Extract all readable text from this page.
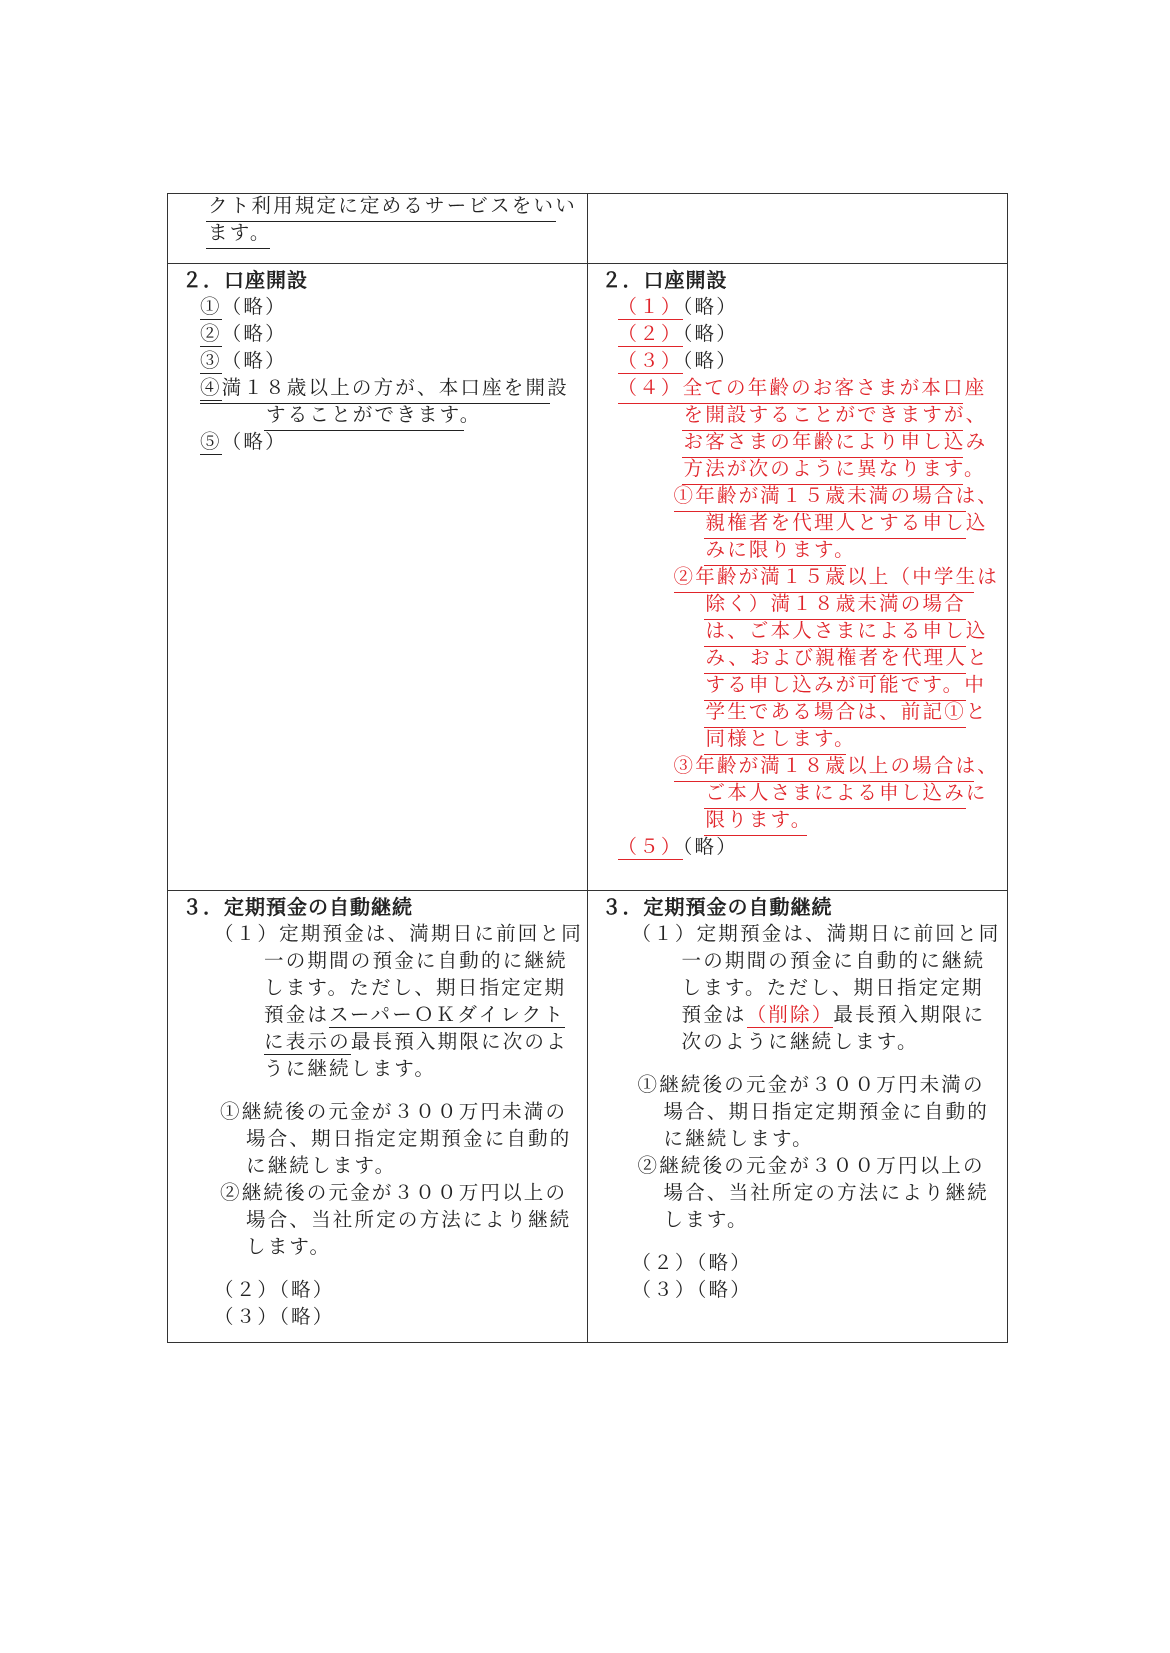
クト利用規定に定めるサービスをいい
ます。
２．口座開設
①（略）
②（略）
③（略）
④満１８歳以上の方が、本口座を開設
することができます。
⑤（略）
２．口座開設
（１）（略）
（２）（略）
（３）（略）
（４）全ての年齢のお客さまが本口座
を開設することができますが、
お客さまの年齢により申し込み
方法が次のように異なります。
①年齢が満１５歳未満の場合は、
親権者を代理人とする申し込
みに限ります。
②年齢が満１５歳以上（中学生は
除く）満１８歳未満の場合
は、ご本人さまによる申し込
み、および親権者を代理人と
する申し込みが可能です。中
学生である場合は、前記①と
同様とします。
③年齢が満１８歳以上の場合は、
ご本人さまによる申し込みに
限ります。
（５）（略）
３．定期預金の自動継続
（１）定期預金は、満期日に前回と同
一の期間の預金に自動的に継続
します。ただし、期日指定定期
預金はスーパーＯＫダイレクト
に表示の最長預入期限に次のよ
うに継続します。
①継続後の元金が３００万円未満の
場合、期日指定定期預金に自動的
に継続します。
②継続後の元金が３００万円以上の
場合、当社所定の方法により継続
します。
（２）（略）
（３）（略）
３．定期預金の自動継続
（１）定期預金は、満期日に前回と同
一の期間の預金に自動的に継続
します。ただし、期日指定定期
預金は（削除）最長預入期限に
次のように継続します。
①継続後の元金が３００万円未満の
場合、期日指定定期預金に自動的
に継続します。
②継続後の元金が３００万円以上の
場合、当社所定の方法により継続
します。
（２）（略）
（３）（略）
